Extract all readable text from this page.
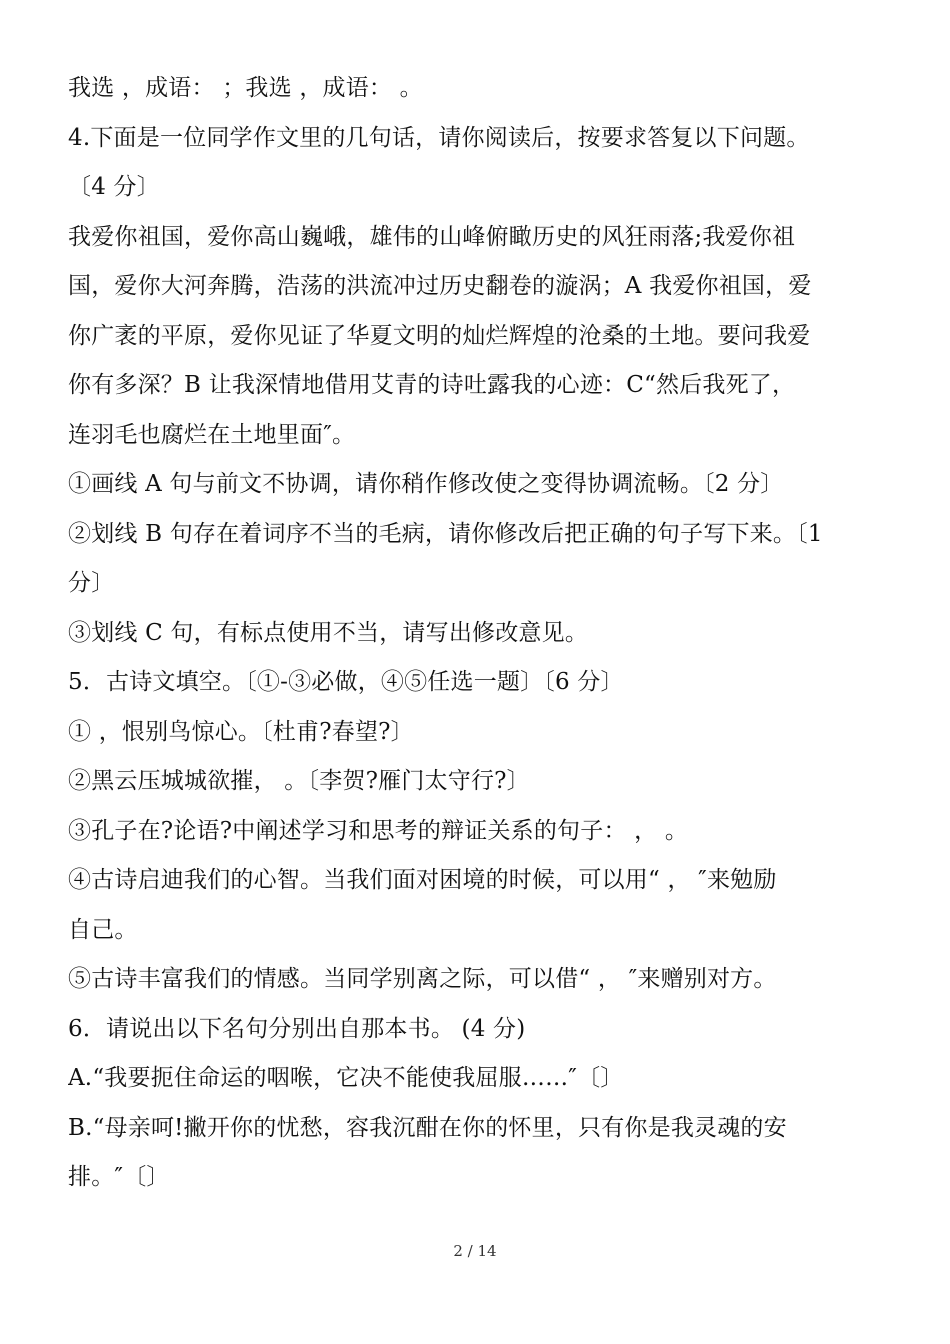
我选 ，成语： ；我选 ，成语： 。
4.下面是一位同学作文里的几句话，请你阅读后，按要求答复以下问题。
〔4 分〕
我爱你祖国，爱你高山巍峨，雄伟的山峰俯瞰历史的风狂雨落;我爱你祖
国，爱你大河奔腾，浩荡的洪流冲过历史翻卷的漩涡；A 我爱你祖国，爱
你广袤的平原，爱你见证了华夏文明的灿烂辉煌的沧桑的土地。要问我爱
你有多深？B 让我深情地借用艾青的诗吐露我的心迹：C“然后我死了，
连羽毛也腐烂在土地里面″。
①画线 A 句与前文不协调，请你稍作修改使之变得协调流畅。〔2 分〕
②划线 B 句存在着词序不当的毛病，请你修改后把正确的句子写下来。〔1
分〕
③划线 C 句，有标点使用不当，请写出修改意见。
5．古诗文填空。〔①-③必做，④⑤任选一题〕〔6 分〕
① ，恨别鸟惊心。〔杜甫?春望?〕
②黑云压城城欲摧， 。〔李贺?雁门太守行?〕
③孔子在?论语?中阐述学习和思考的辩证关系的句子： ， 。
④古诗启迪我们的心智。当我们面对困境的时候，可以用“ ， ″来勉励
自己。
⑤古诗丰富我们的情感。当同学别离之际，可以借“ ， ″来赠别对方。
6．请说出以下名句分别出自那本书。 (4 分)
A.“我要扼住命运的咽喉，它决不能使我屈服……″〔〕
B.“母亲呵!撇开你的忧愁，容我沉酣在你的怀里，只有你是我灵魂的安
排。″〔〕
2 / 14
